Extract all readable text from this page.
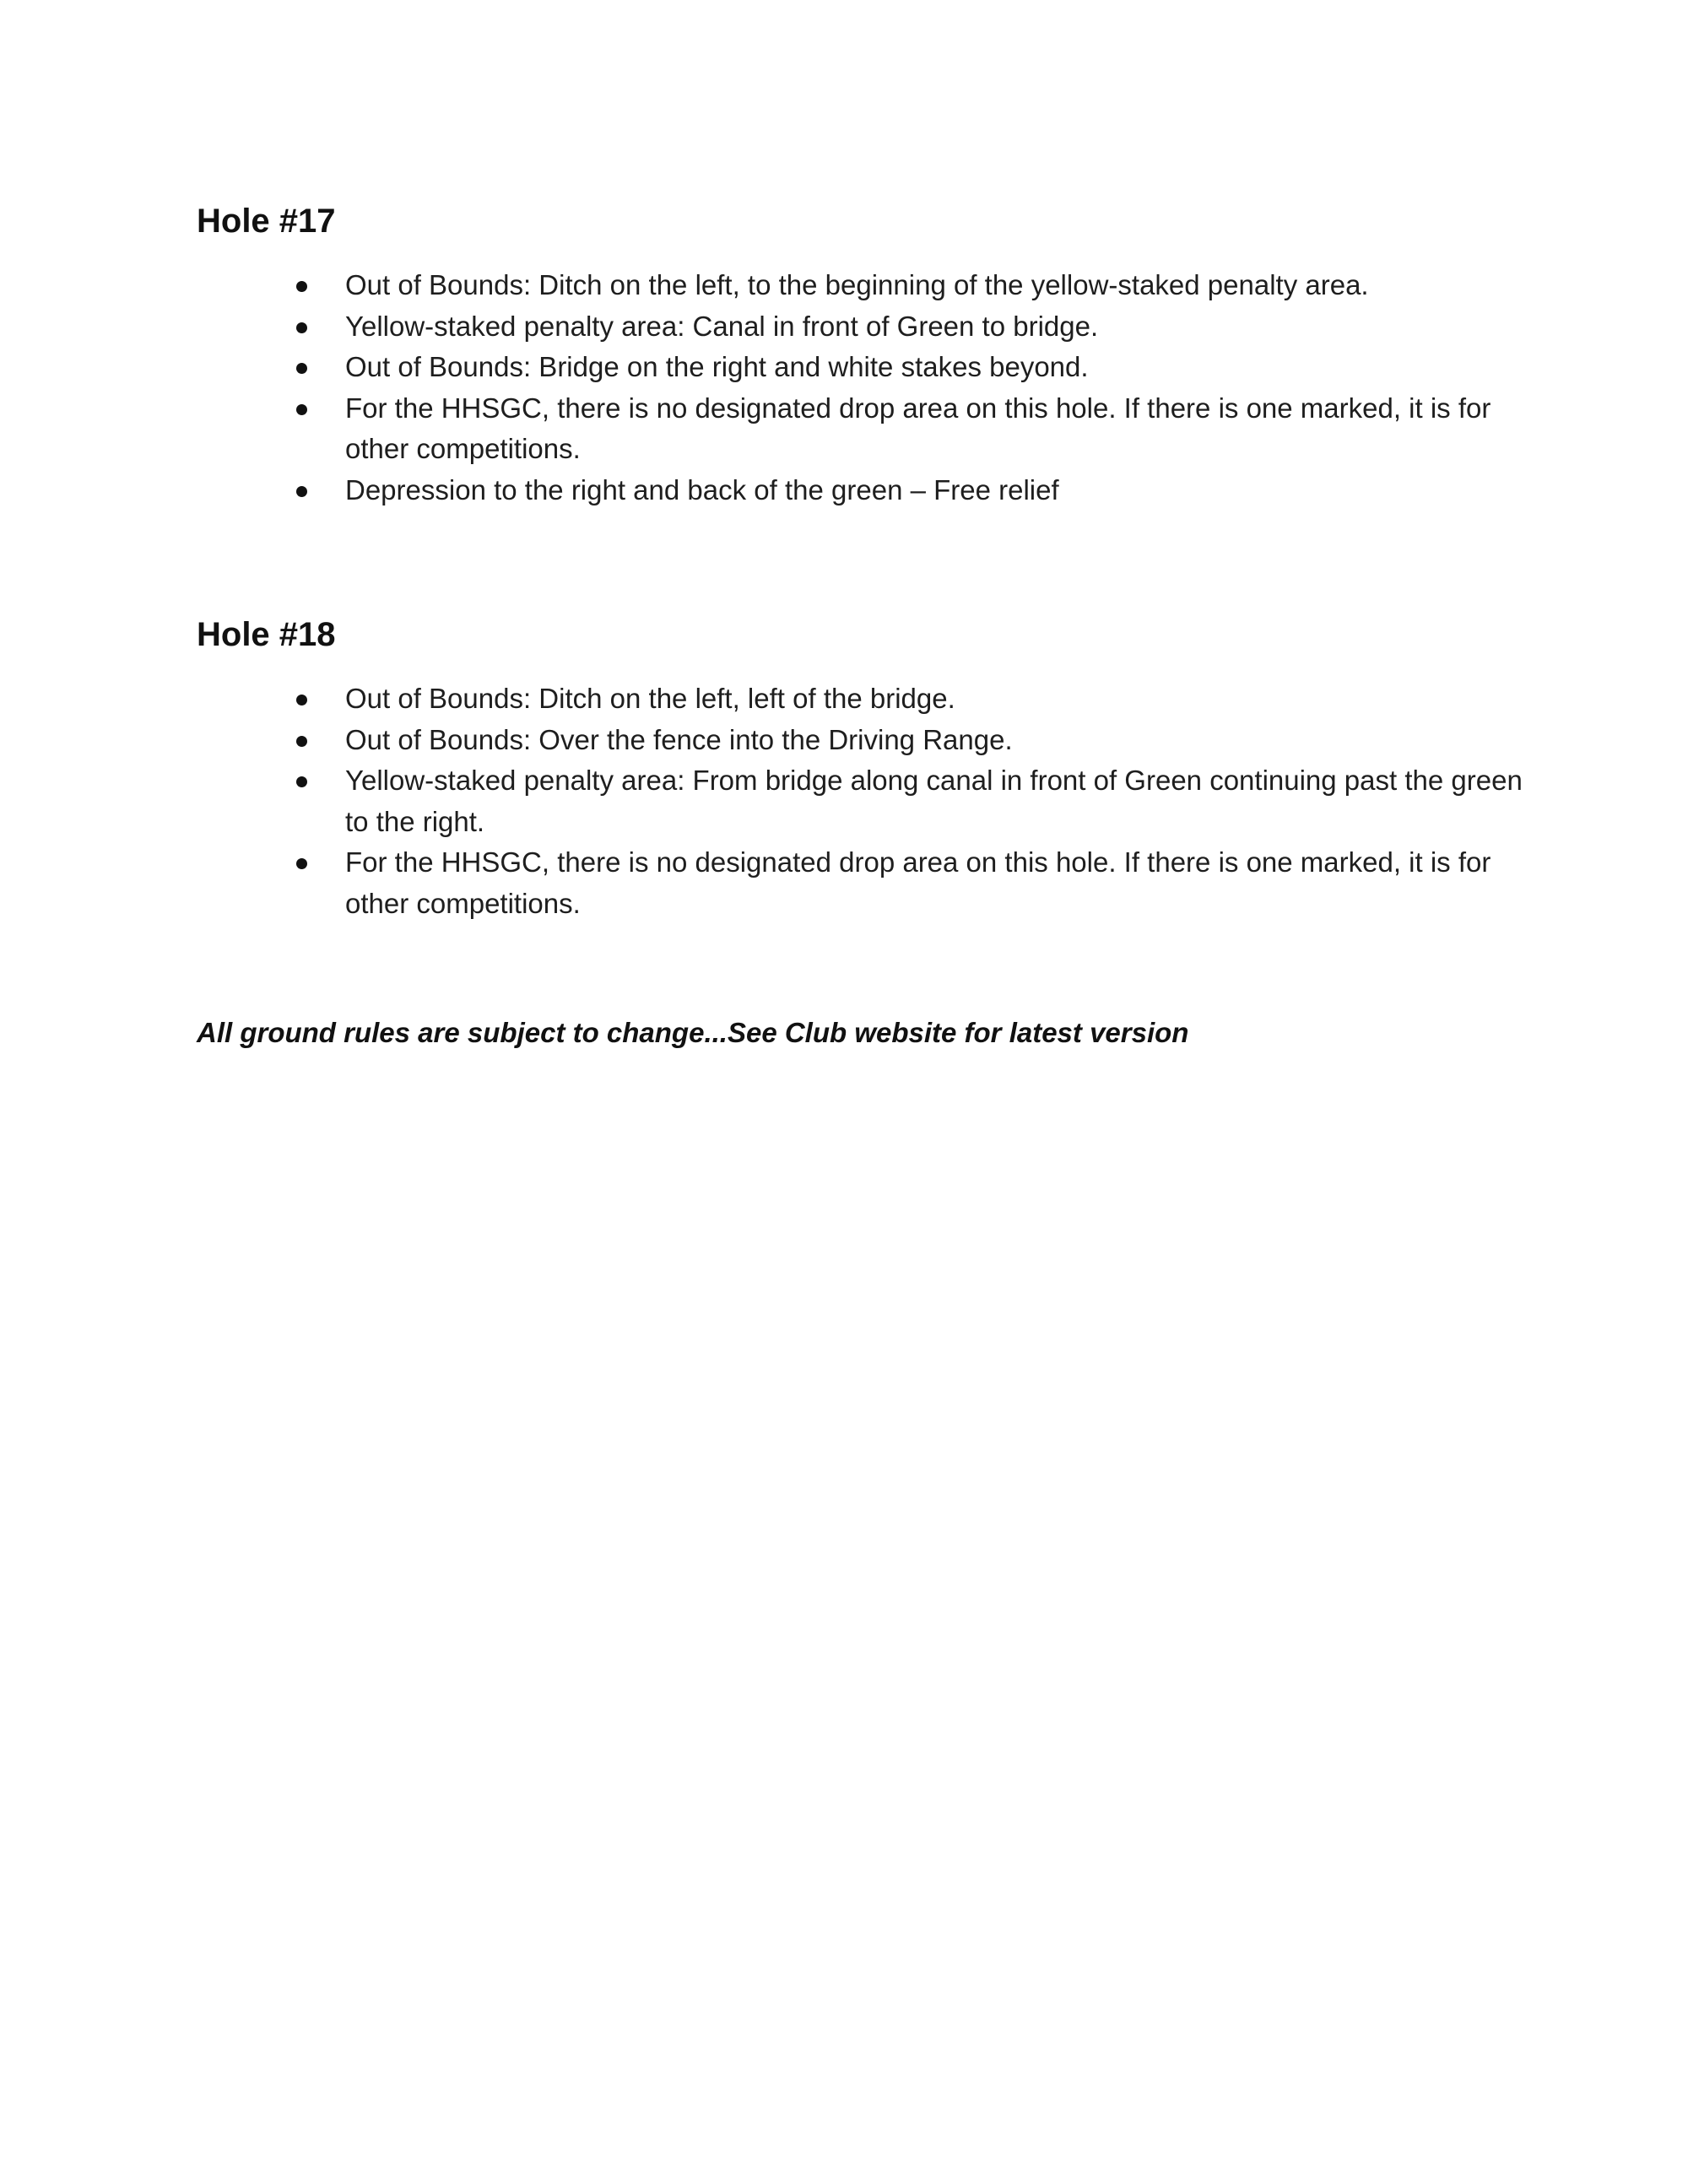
Hole #17
Out of Bounds: Ditch on the left, to the beginning of the yellow-staked penalty area.
Yellow-staked penalty area: Canal in front of Green to bridge.
Out of Bounds: Bridge on the right and white stakes beyond.
For the HHSGC, there is no designated drop area on this hole. If there is one marked, it is for other competitions.
Depression to the right and back of the green – Free relief
Hole #18
Out of Bounds: Ditch on the left, left of the bridge.
Out of Bounds: Over the fence into the Driving Range.
Yellow-staked penalty area: From bridge along canal in front of Green continuing past the green to the right.
For the HHSGC, there is no designated drop area on this hole. If there is one marked, it is for other competitions.

All ground rules are subject to change...See Club website for latest version
